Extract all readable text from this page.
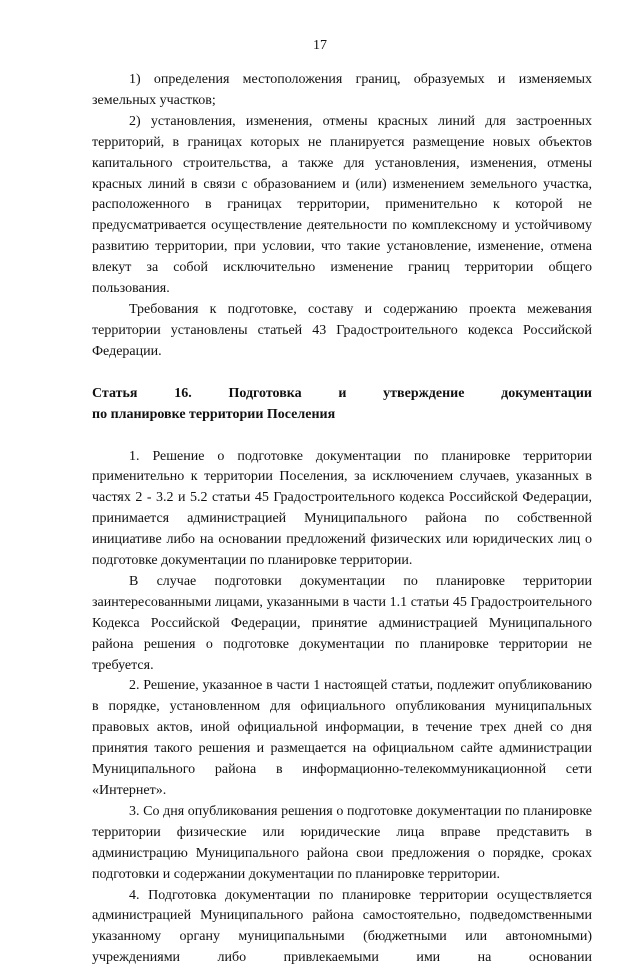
17

1) определения местоположения границ, образуемых и изменяемых земельных участков;

2) установления, изменения, отмены красных линий для застроенных территорий, в границах которых не планируется размещение новых объектов капитального строительства, а также для установления, изменения, отмены красных линий в связи с образованием и (или) изменением земельного участка, расположенного в границах территории, применительно к которой не предусматривается осуществление деятельности по комплексному и устойчивому развитию территории, при условии, что такие установление, изменение, отмена влекут за собой исключительно изменение границ территории общего пользования.

Требования к подготовке, составу и содержанию проекта межевания территории установлены статьей 43 Градостроительного кодекса Российской Федерации.

Статья 16. Подготовка и утверждение документации
по планировке территории Поселения

1. Решение о подготовке документации по планировке территории применительно к территории Поселения, за исключением случаев, указанных в частях 2 - 3.2 и 5.2 статьи 45 Градостроительного кодекса Российской Федерации, принимается администрацией Муниципального района по собственной инициативе либо на основании предложений физических или юридических лиц о подготовке документации по планировке территории.

В случае подготовки документации по планировке территории заинтересованными лицами, указанными в части 1.1 статьи 45 Градостроительного Кодекса Российской Федерации, принятие администрацией Муниципального района решения о подготовке документации по планировке территории не требуется.

2. Решение, указанное в части 1 настоящей статьи, подлежит опубликованию в порядке, установленном для официального опубликования муниципальных правовых актов, иной официальной информации, в течение трех дней со дня принятия такого решения и размещается на официальном сайте администрации Муниципального района в информационно-телекоммуникационной сети «Интернет».

3. Со дня опубликования решения о подготовке документации по планировке территории физические или юридические лица вправе представить в администрацию Муниципального района свои предложения о порядке, сроках подготовки и содержании документации по планировке территории.

4. Подготовка документации по планировке территории осуществляется администрацией Муниципального района самостоятельно, подведомственными указанному органу муниципальными (бюджетными или автономными) учреждениями либо привлекаемыми ими на основании
